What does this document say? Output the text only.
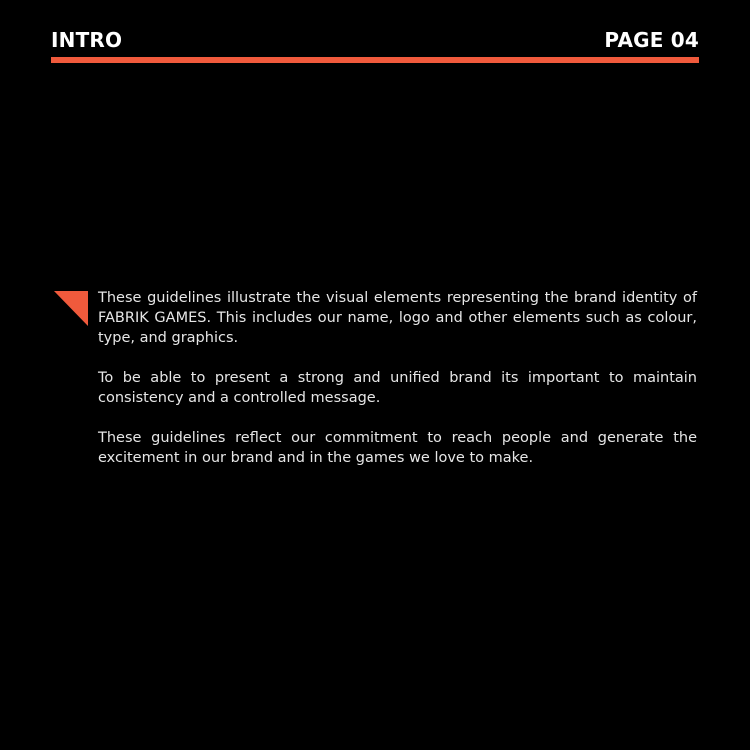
INTRO	PAGE 04

These guidelines illustrate the visual elements representing the brand identity of FABRIK GAMES. This includes our name, logo and other elements such as colour, type, and graphics.

To be able to present a strong and unified brand its important to maintain consistency and a controlled message.

These guidelines reflect our commitment to reach people and generate the excitement in our brand and in the games we love to make.
